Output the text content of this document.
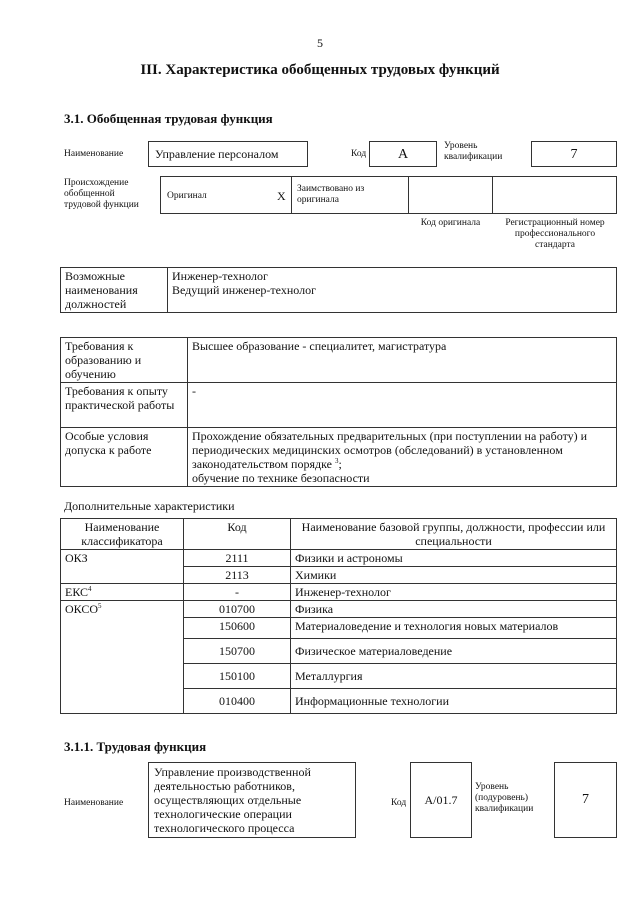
5
III. Характеристика обобщенных трудовых функций
3.1. Обобщенная трудовая функция
Наименование	Управление персоналом	Код	А
Уровень квалификации	7
Происхождение обобщенной трудовой функции
Оригинал	X Заимствовано из оригинала
Код оригинала	Регистрационный номер профессионального стандарта
Возможные наименования должностей	
Инженер-технолог
Ведущий инженер-технолог
Требования к образованию и обучению	Высшее образование - специалитет, магистратура
Требования к опыту практической работы	-
Особые условия допуска к работе	Прохождение обязательных предварительных (при поступлении на работу) и периодических медицинских осмотров (обследований) в установленном законодательством порядке $^3$;
обучение по технике безопасности
Дополнительные характеристики
Наименование классификатора	Код	Наименование базовой группы, должности, профессии или специальности
ОКЗ	2111	Физики и астрономы
	2113	Химики
ЕКС$^4$	-	Инженер-технолог
ОКСО$^5$	010700	Физика
	150600	Материаловедение и технология новых материалов
	150700	Физическое материаловедение
	150100	Металлургия
	010400	Информационные технологии
3.1.1. Трудовая функция
Наименование
Управление производственной деятельностью работников, осуществляющих отдельные технологические операции технологического процесса
Код	А/01.7
Уровень (подуровень) квалификации
7
